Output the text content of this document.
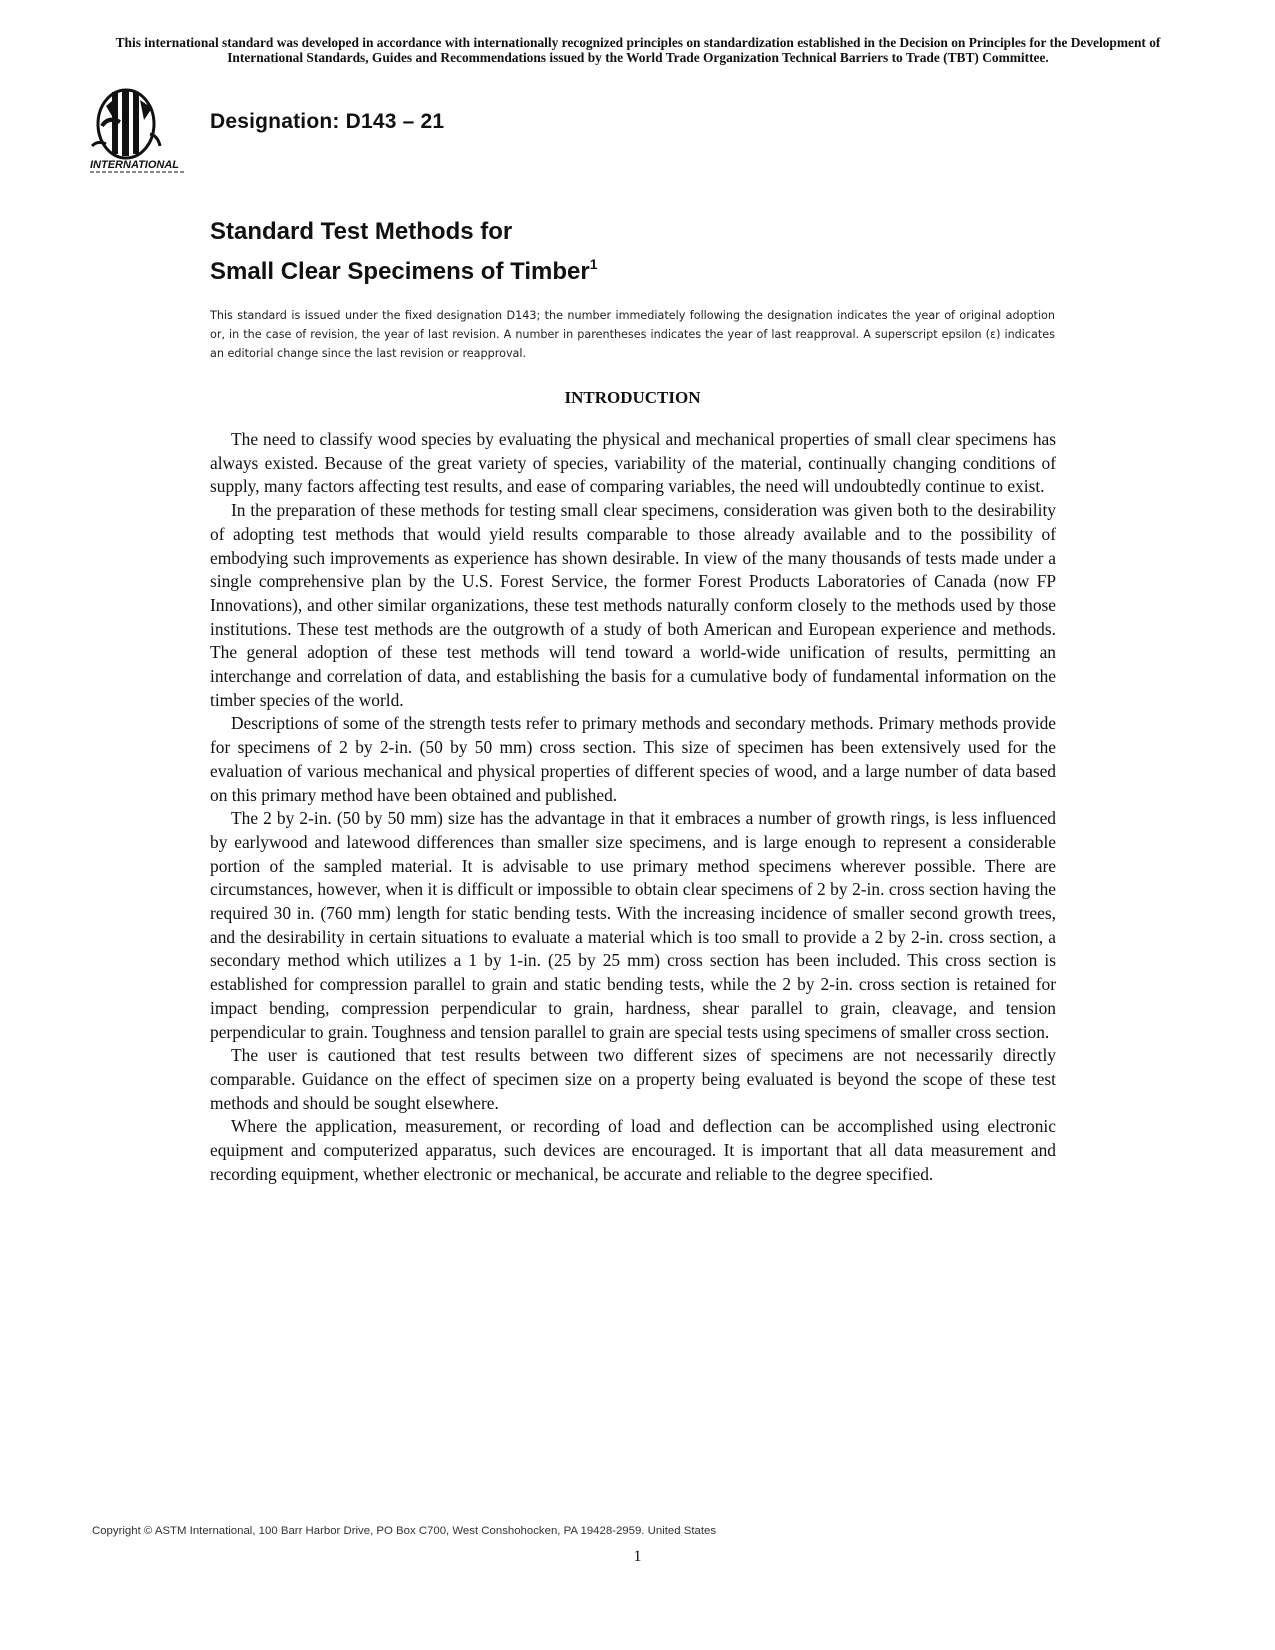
This international standard was developed in accordance with internationally recognized principles on standardization established in the Decision on Principles for the Development of International Standards, Guides and Recommendations issued by the World Trade Organization Technical Barriers to Trade (TBT) Committee.
INTERNATIONAL
Designation: D143 – 21
Standard Test Methods for
Small Clear Specimens of Timber$^1$
This standard is issued under the fixed designation D143; the number immediately following the designation indicates the year of original adoption or, in the case of revision, the year of last revision. A number in parentheses indicates the year of last reapproval. A superscript epsilon (ε) indicates an editorial change since the last revision or reapproval.
INTRODUCTION

The need to classify wood species by evaluating the physical and mechanical properties of small clear specimens has always existed. Because of the great variety of species, variability of the material, continually changing conditions of supply, many factors affecting test results, and ease of comparing variables, the need will undoubtedly continue to exist.

In the preparation of these methods for testing small clear specimens, consideration was given both to the desirability of adopting test methods that would yield results comparable to those already available and to the possibility of embodying such improvements as experience has shown desirable. In view of the many thousands of tests made under a single comprehensive plan by the U.S. Forest Service, the former Forest Products Laboratories of Canada (now FP Innovations), and other similar organizations, these test methods naturally conform closely to the methods used by those institutions. These test methods are the outgrowth of a study of both American and European experience and methods. The general adoption of these test methods will tend toward a world-wide unification of results, permitting an interchange and correlation of data, and establishing the basis for a cumulative body of fundamental information on the timber species of the world.

Descriptions of some of the strength tests refer to primary methods and secondary methods. Primary methods provide for specimens of 2 by 2-in. (50 by 50 mm) cross section. This size of specimen has been extensively used for the evaluation of various mechanical and physical properties of different species of wood, and a large number of data based on this primary method have been obtained and published.

The 2 by 2-in. (50 by 50 mm) size has the advantage in that it embraces a number of growth rings, is less influenced by earlywood and latewood differences than smaller size specimens, and is large enough to represent a considerable portion of the sampled material. It is advisable to use primary method specimens wherever possible. There are circumstances, however, when it is difficult or impossible to obtain clear specimens of 2 by 2-in. cross section having the required 30 in. (760 mm) length for static bending tests. With the increasing incidence of smaller second growth trees, and the desirability in certain situations to evaluate a material which is too small to provide a 2 by 2-in. cross section, a secondary method which utilizes a 1 by 1-in. (25 by 25 mm) cross section has been included. This cross section is established for compression parallel to grain and static bending tests, while the 2 by 2-in. cross section is retained for impact bending, compression perpendicular to grain, hardness, shear parallel to grain, cleavage, and tension perpendicular to grain. Toughness and tension parallel to grain are special tests using specimens of smaller cross section.

The user is cautioned that test results between two different sizes of specimens are not necessarily directly comparable. Guidance on the effect of specimen size on a property being evaluated is beyond the scope of these test methods and should be sought elsewhere.

Where the application, measurement, or recording of load and deflection can be accomplished using electronic equipment and computerized apparatus, such devices are encouraged. It is important that all data measurement and recording equipment, whether electronic or mechanical, be accurate and reliable to the degree specified.

Copyright © ASTM International, 100 Barr Harbor Drive, PO Box C700, West Conshohocken, PA 19428-2959. United States
1
